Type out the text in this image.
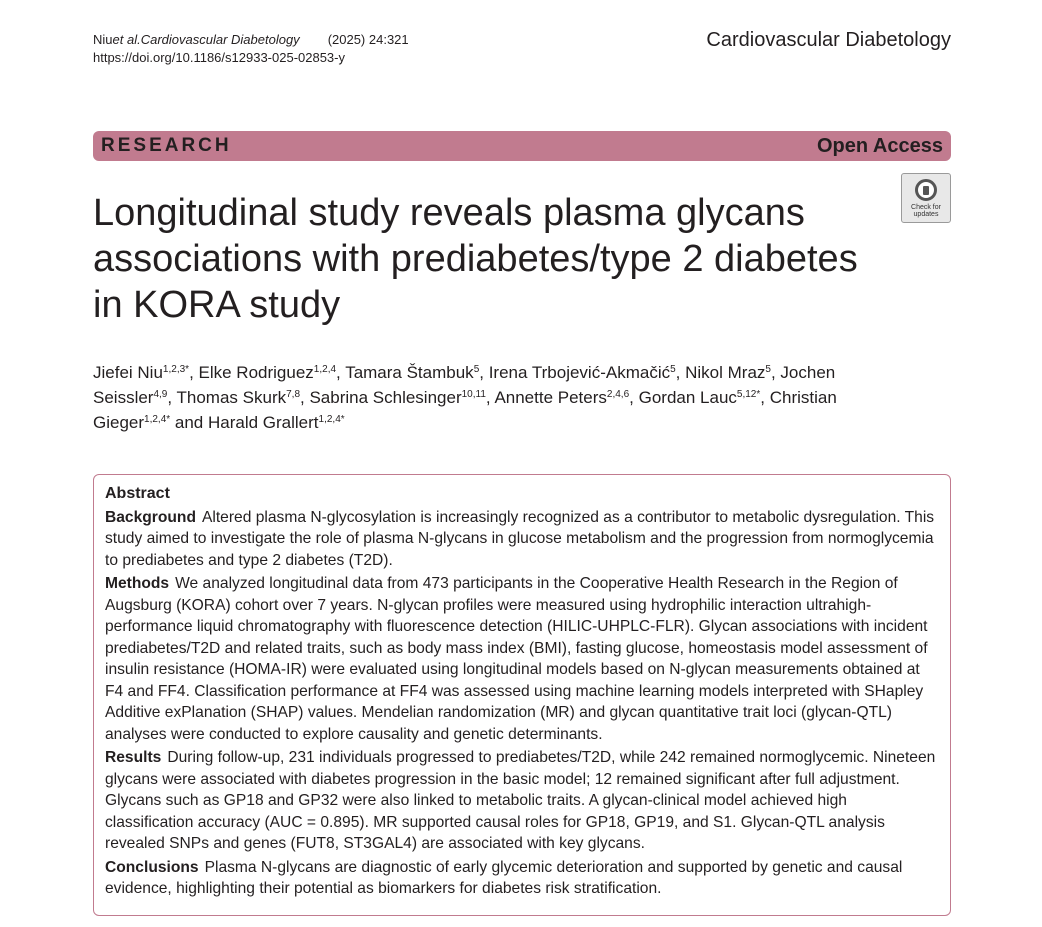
Niu et al. Cardiovascular Diabetology (2025) 24:321
https://doi.org/10.1186/s12933-025-02853-y
Cardiovascular Diabetology
RESEARCH	Open Access
Check for
updates
Longitudinal study reveals plasma glycans associations with prediabetes/type 2 diabetes in KORA study
Jiefei Niu$^{1,2,3*}$, Elke Rodriguez$^{1,2,4}$, Tamara Štambuk$^5$, Irena Trbojević-Akmačić$^5$, Nikol Mraz$^5$, Jochen Seissler$^{4,9}$, Thomas Skurk$^{7,8}$, Sabrina Schlesinger$^{10,11}$, Annette Peters$^{2,4,6}$, Gordan Lauc$^{5,12*}$, Christian Gieger$^{1,2,4*}$ and Harald Grallert$^{1,2,4*}$
Abstract

Background Altered plasma N-glycosylation is increasingly recognized as a contributor to metabolic dysregulation. This study aimed to investigate the role of plasma N-glycans in glucose metabolism and the progression from normoglycemia to prediabetes and type 2 diabetes (T2D).

Methods We analyzed longitudinal data from 473 participants in the Cooperative Health Research in the Region of Augsburg (KORA) cohort over 7 years. N-glycan profiles were measured using hydrophilic interaction ultrahigh-performance liquid chromatography with fluorescence detection (HILIC-UHPLC-FLR). Glycan associations with incident prediabetes/T2D and related traits, such as body mass index (BMI), fasting glucose, homeostasis model assessment of insulin resistance (HOMA-IR) were evaluated using longitudinal models based on N-glycan measurements obtained at F4 and FF4. Classification performance at FF4 was assessed using machine learning models interpreted with SHapley Additive exPlanation (SHAP) values. Mendelian randomization (MR) and glycan quantitative trait loci (glycan-QTL) analyses were conducted to explore causality and genetic determinants.

Results During follow-up, 231 individuals progressed to prediabetes/T2D, while 242 remained normoglycemic. Nineteen glycans were associated with diabetes progression in the basic model; 12 remained significant after full adjustment. Glycans such as GP18 and GP32 were also linked to metabolic traits. A glycan-clinical model achieved high classification accuracy (AUC = 0.895). MR supported causal roles for GP18, GP19, and S1. Glycan-QTL analysis revealed SNPs and genes (FUT8, ST3GAL4) are associated with key glycans.

Conclusions Plasma N-glycans are diagnostic of early glycemic deterioration and supported by genetic and causal evidence, highlighting their potential as biomarkers for diabetes risk stratification.
